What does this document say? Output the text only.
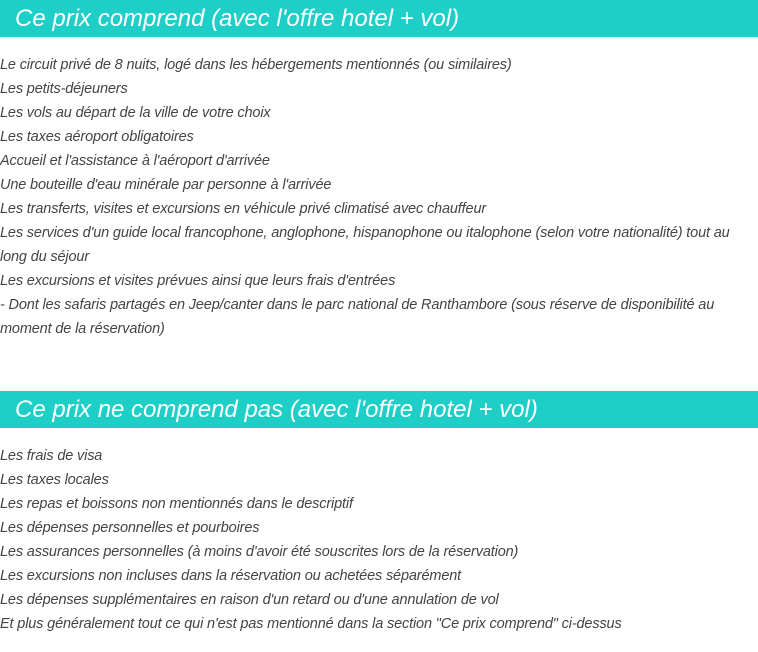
Ce prix comprend (avec l'offre hotel + vol)
Le circuit privé de 8 nuits, logé dans les hébergements mentionnés (ou similaires)
Les petits-déjeuners
Les vols au départ de la ville de votre choix
Les taxes aéroport obligatoires
Accueil et l'assistance à l'aéroport d'arrivée
Une bouteille d'eau minérale par personne à l'arrivée
Les transferts, visites et excursions en véhicule privé climatisé avec chauffeur
Les services d'un guide local francophone, anglophone, hispanophone ou italophone (selon votre nationalité) tout au long du séjour
Les excursions et visites prévues ainsi que leurs frais d'entrées
- Dont les safaris partagés en Jeep/canter dans le parc national de Ranthambore (sous réserve de disponibilité au moment de la réservation)
Ce prix ne comprend pas (avec l'offre hotel + vol)
Les frais de visa
Les taxes locales
Les repas et boissons non mentionnés dans le descriptif
Les dépenses personnelles et pourboires
Les assurances personnelles (à moins d'avoir été souscrites lors de la réservation)
Les excursions non incluses dans la réservation ou achetées séparément
Les dépenses supplémentaires en raison d'un retard ou d'une annulation de vol
Et plus généralement tout ce qui n'est pas mentionné dans la section "Ce prix comprend" ci-dessus
